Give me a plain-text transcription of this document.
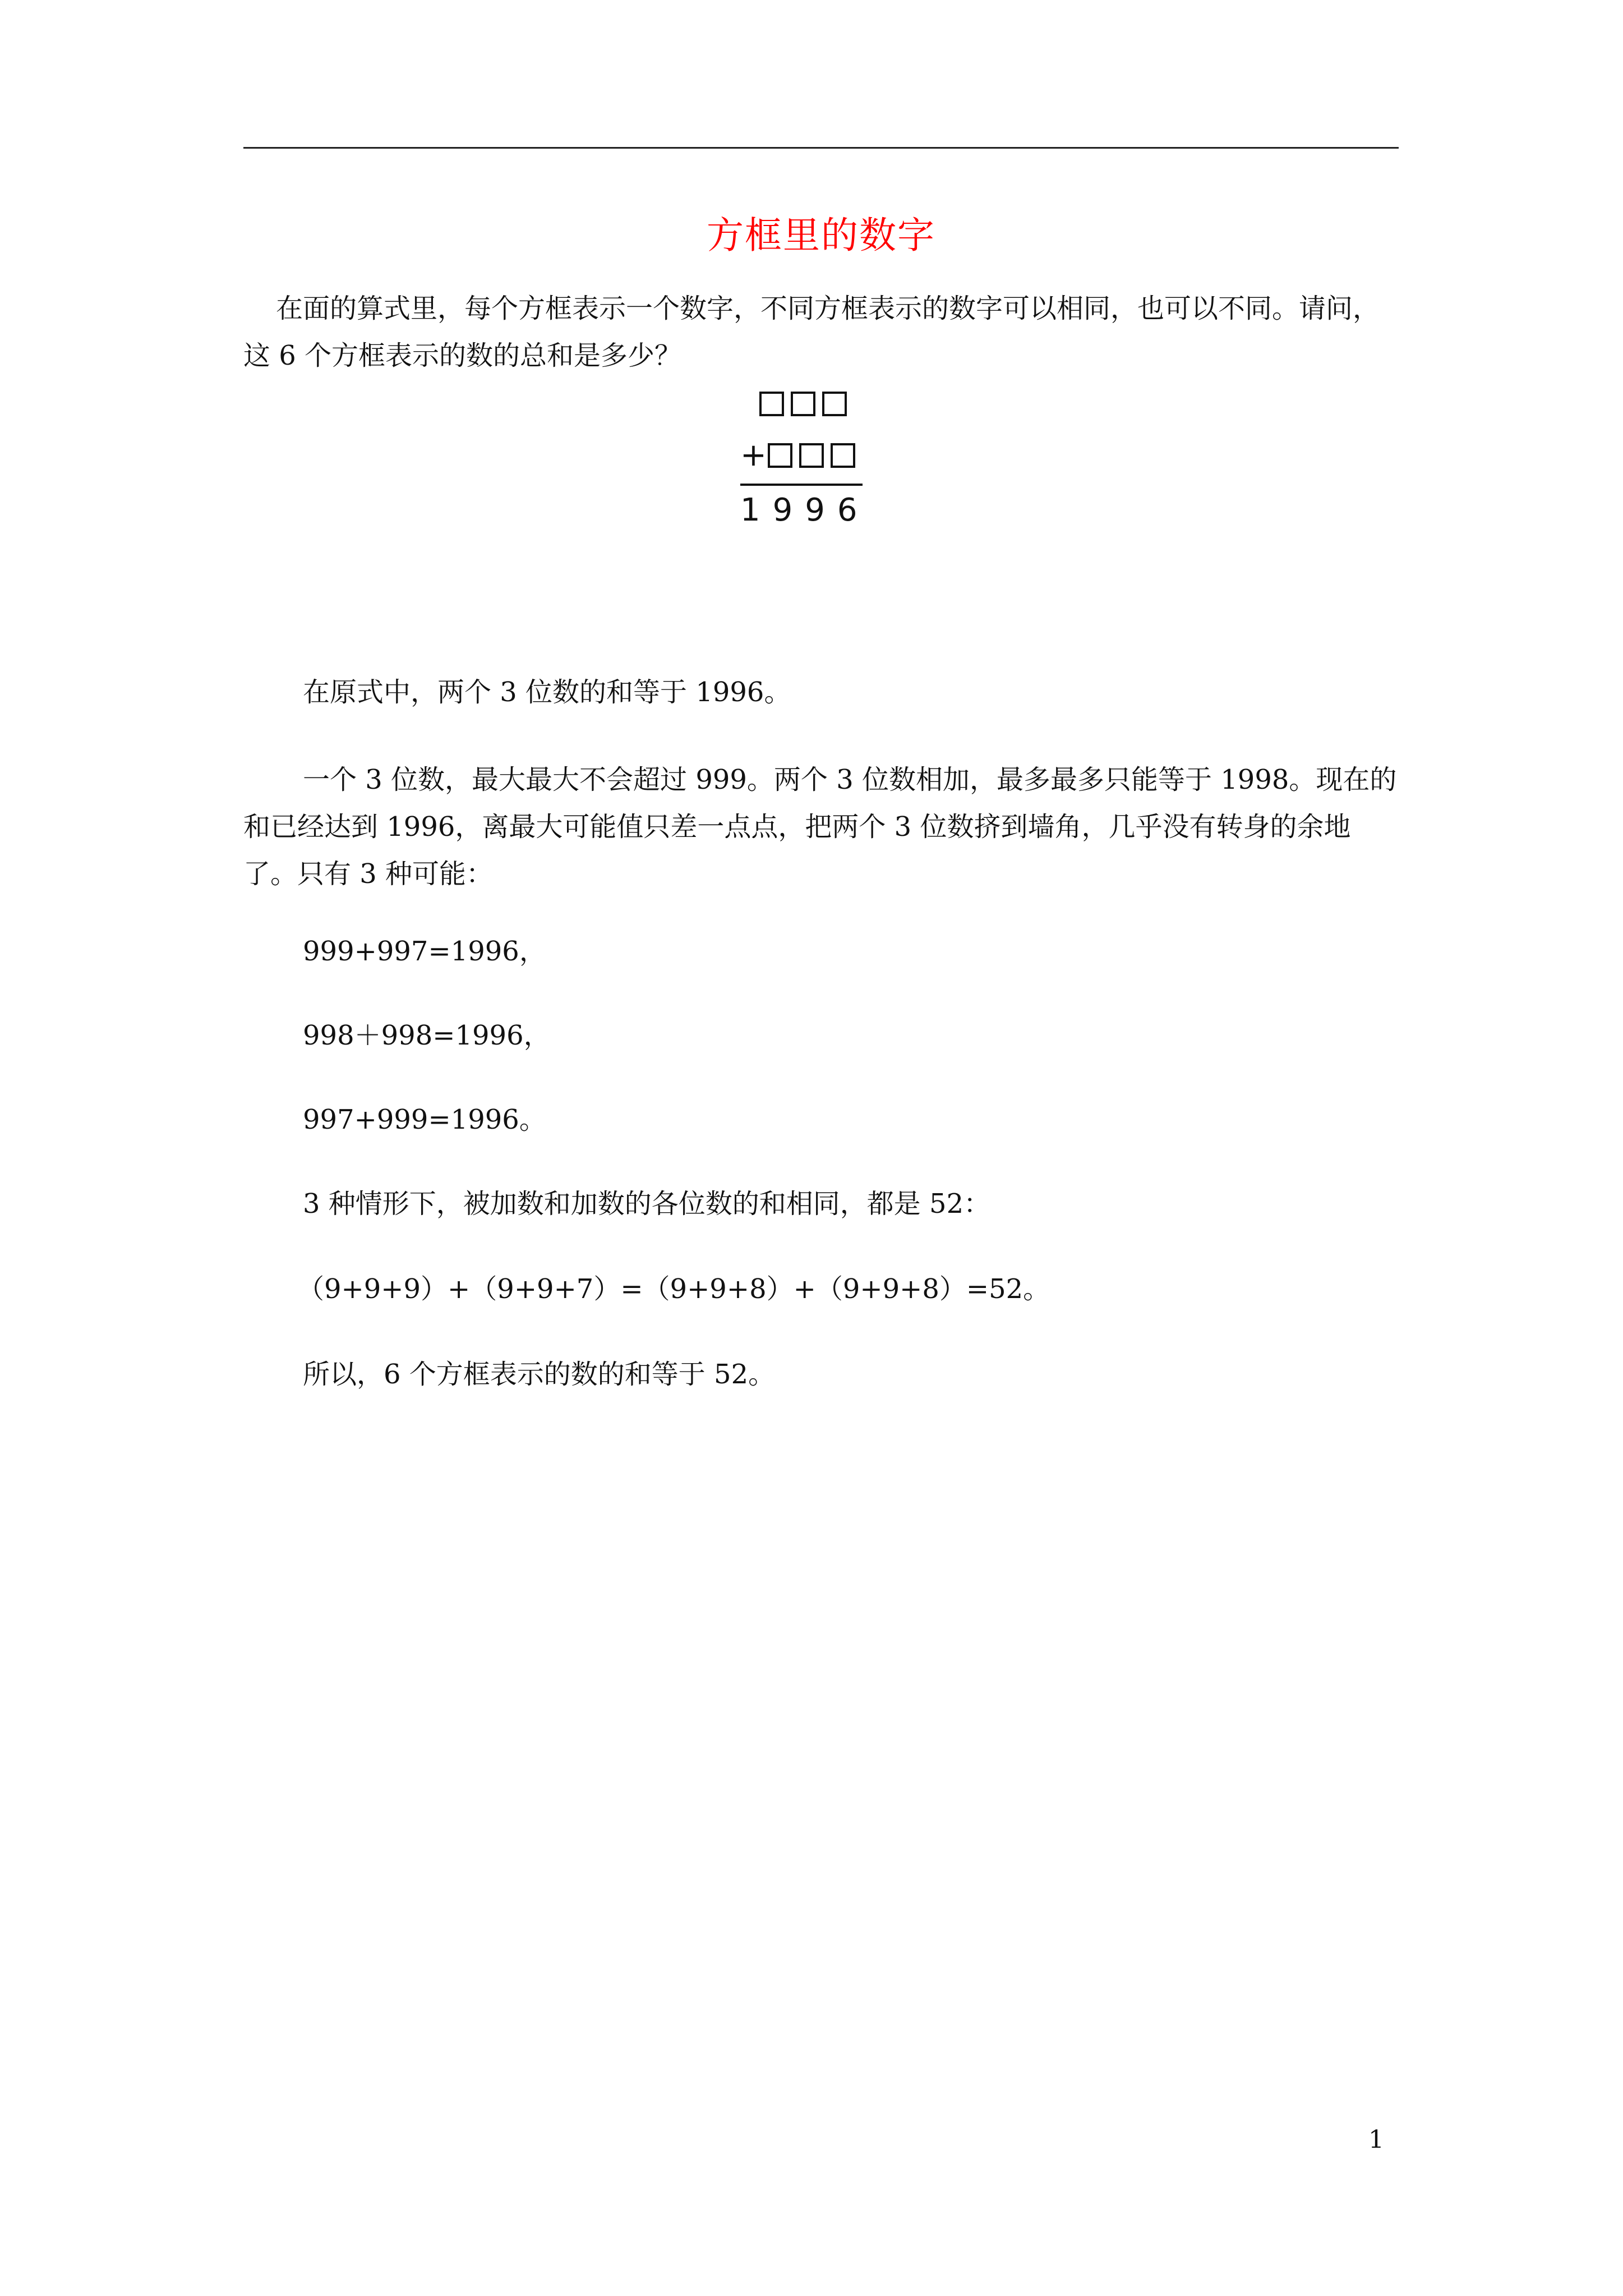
方框里的数字
在面的算式里，每个方框表示一个数字，不同方框表示的数字可以相同，也可以不同。请问，这 6 个方框表示的数的总和是多少？
+
1996
在原式中，两个 3 位数的和等于 1996。
一个 3 位数，最大最大不会超过 999。两个 3 位数相加，最多最多只能等于 1998。现在的和已经达到 1996，离最大可能值只差一点点，把两个 3 位数挤到墙角，几乎没有转身的余地了。只有 3 种可能：
999+997=1996，
998＋998=1996，
997+999=1996。
3 种情形下，被加数和加数的各位数的和相同，都是 52：
（9+9+9）+（9+9+7）=（9+9+8）+（9+9+8）=52。
所以，6 个方框表示的数的和等于 52。
1
